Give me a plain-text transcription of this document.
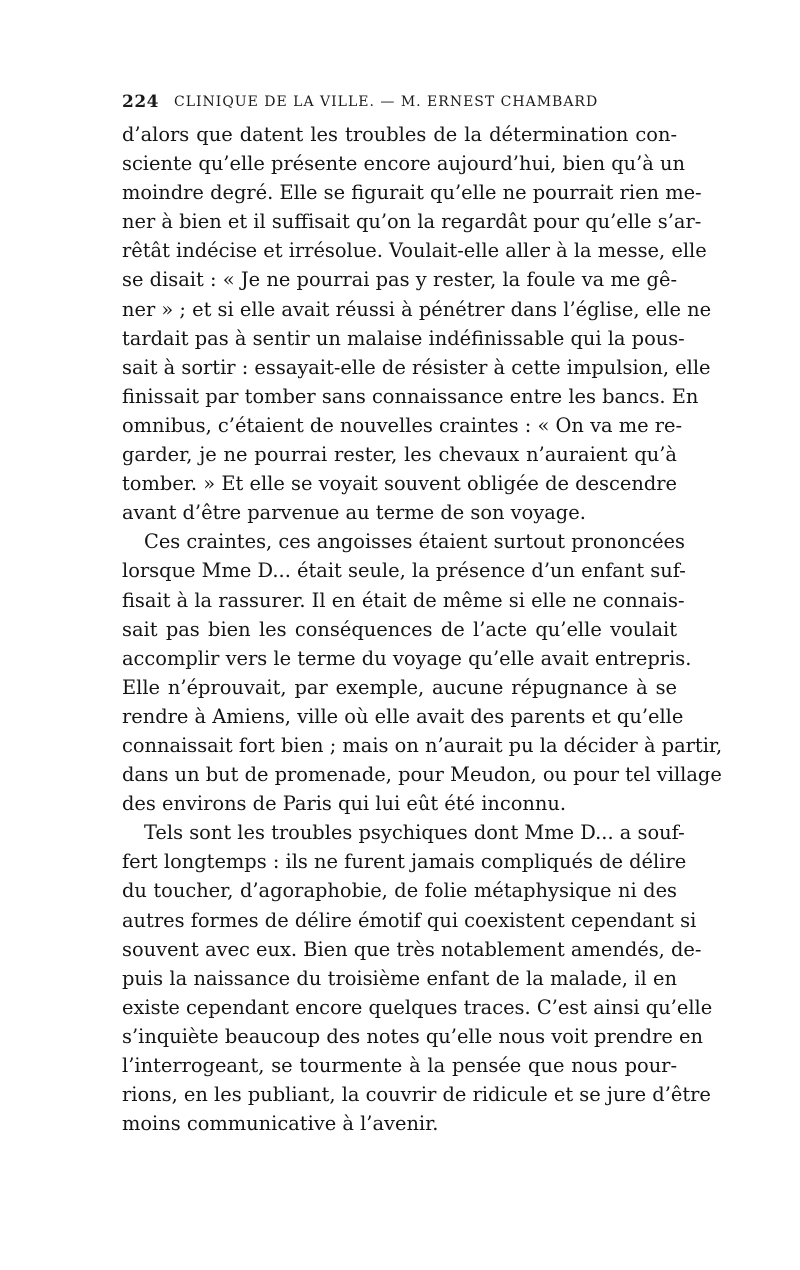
224 CLINIQUE DE LA VILLE. — M. ERNEST CHAMBARD

d’alors que datent les troubles de la détermination con-
sciente qu’elle présente encore aujourd’hui, bien qu’à un
moindre degré. Elle se figurait qu’elle ne pourrait rien me-
ner à bien et il suffisait qu’on la regardât pour qu’elle s’ar-
rêtât indécise et irrésolue. Voulait-elle aller à la messe, elle
se disait : « Je ne pourrai pas y rester, la foule va me gê-
ner » ; et si elle avait réussi à pénétrer dans l’église, elle ne
tardait pas à sentir un malaise indéfinissable qui la pous-
sait à sortir : essayait-elle de résister à cette impulsion, elle
finissait par tomber sans connaissance entre les bancs. En
omnibus, c’étaient de nouvelles craintes : « On va me re-
garder, je ne pourrai rester, les chevaux n’auraient qu’à
tomber. » Et elle se voyait souvent obligée de descendre
avant d’être parvenue au terme de son voyage.

Ces craintes, ces angoisses étaient surtout prononcées
lorsque Mme D... était seule, la présence d’un enfant suf-
fisait à la rassurer. Il en était de même si elle ne connais-
sait pas bien les conséquences de l’acte qu’elle voulait
accomplir vers le terme du voyage qu’elle avait entrepris.
Elle n’éprouvait, par exemple, aucune répugnance à se
rendre à Amiens, ville où elle avait des parents et qu’elle
connaissait fort bien ; mais on n’aurait pu la décider à partir,
dans un but de promenade, pour Meudon, ou pour tel village
des environs de Paris qui lui eût été inconnu.

Tels sont les troubles psychiques dont Mme D... a souf-
fert longtemps : ils ne furent jamais compliqués de délire
du toucher, d’agoraphobie, de folie métaphysique ni des
autres formes de délire émotif qui coexistent cependant si
souvent avec eux. Bien que très notablement amendés, de-
puis la naissance du troisième enfant de la malade, il en
existe cependant encore quelques traces. C’est ainsi qu’elle
s’inquiète beaucoup des notes qu’elle nous voit prendre en
l’interrogeant, se tourmente à la pensée que nous pour-
rions, en les publiant, la couvrir de ridicule et se jure d’être
moins communicative à l’avenir.
